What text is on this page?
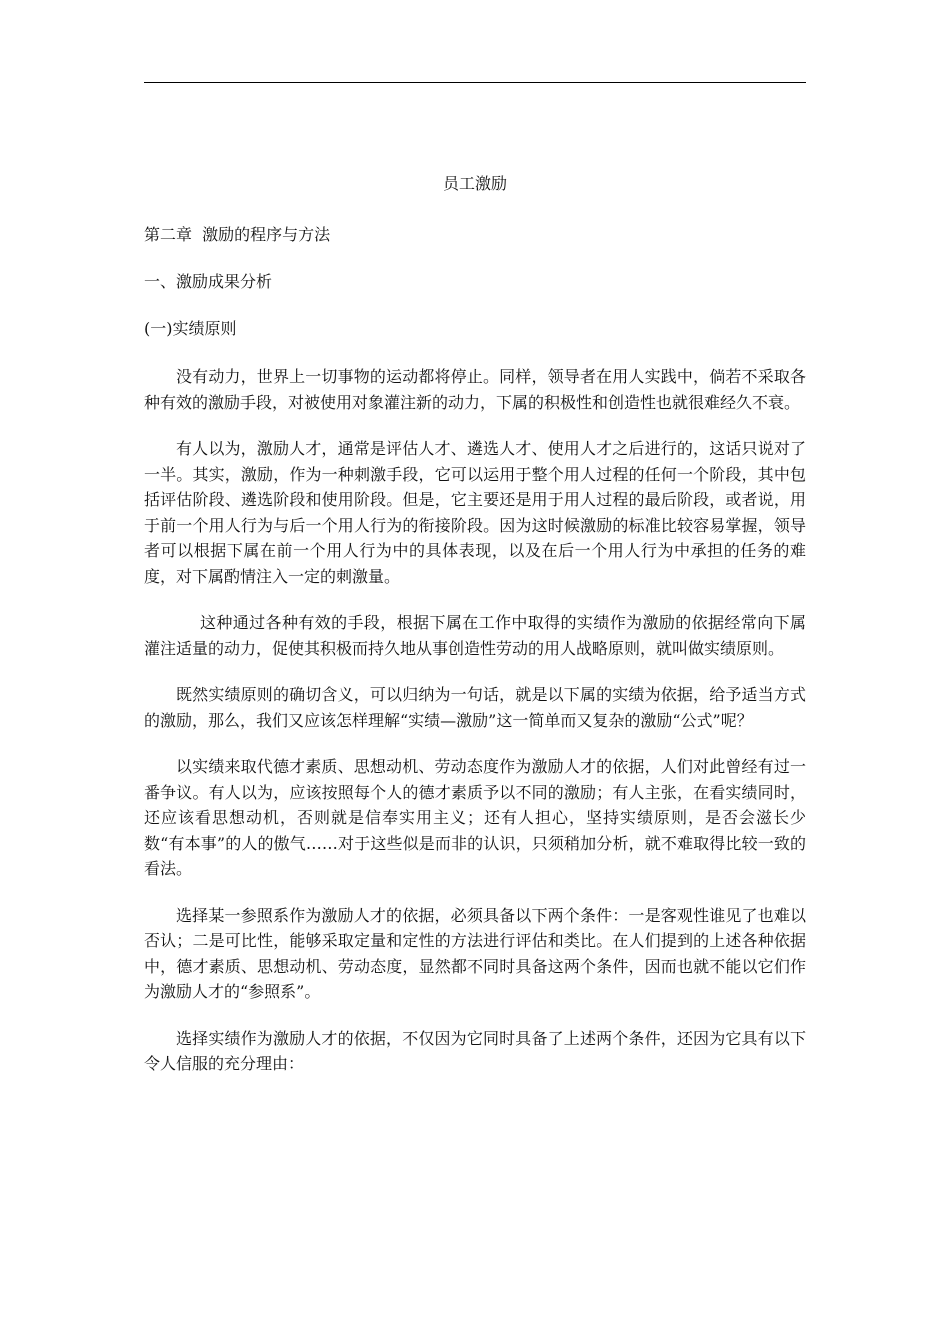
员工激励
第二章  激励的程序与方法
一、激励成果分析
(一)实绩原则

没有动力，世界上一切事物的运动都将停止。同样，领导者在用人实践中，倘若不采取各种有效的激励手段，对被使用对象灌注新的动力，下属的积极性和创造性也就很难经久不衰。

有人以为，激励人才，通常是评估人才、遴选人才、使用人才之后进行的，这话只说对了一半。其实，激励，作为一种刺激手段，它可以运用于整个用人过程的任何一个阶段，其中包括评估阶段、遴选阶段和使用阶段。但是，它主要还是用于用人过程的最后阶段，或者说，用于前一个用人行为与后一个用人行为的衔接阶段。因为这时候激励的标准比较容易掌握，领导者可以根据下属在前一个用人行为中的具体表现，以及在后一个用人行为中承担的任务的难度，对下属酌情注入一定的刺激量。

这种通过各种有效的手段，根据下属在工作中取得的实绩作为激励的依据经常向下属灌注适量的动力，促使其积极而持久地从事创造性劳动的用人战略原则，就叫做实绩原则。

既然实绩原则的确切含义，可以归纳为一句话，就是以下属的实绩为依据，给予适当方式的激励，那么，我们又应该怎样理解“实绩—激励”这一简单而又复杂的激励“公式”呢？

以实绩来取代德才素质、思想动机、劳动态度作为激励人才的依据，人们对此曾经有过一番争议。有人以为，应该按照每个人的德才素质予以不同的激励；有人主张，在看实绩同时，还应该看思想动机，否则就是信奉实用主义；还有人担心，坚持实绩原则，是否会滋长少数“有本事”的人的傲气……对于这些似是而非的认识，只须稍加分析，就不难取得比较一致的看法。

选择某一参照系作为激励人才的依据，必须具备以下两个条件：一是客观性谁见了也难以否认；二是可比性，能够采取定量和定性的方法进行评估和类比。在人们提到的上述各种依据中，德才素质、思想动机、劳动态度，显然都不同时具备这两个条件，因而也就不能以它们作为激励人才的“参照系”。

选择实绩作为激励人才的依据，不仅因为它同时具备了上述两个条件，还因为它具有以下令人信服的充分理由：
